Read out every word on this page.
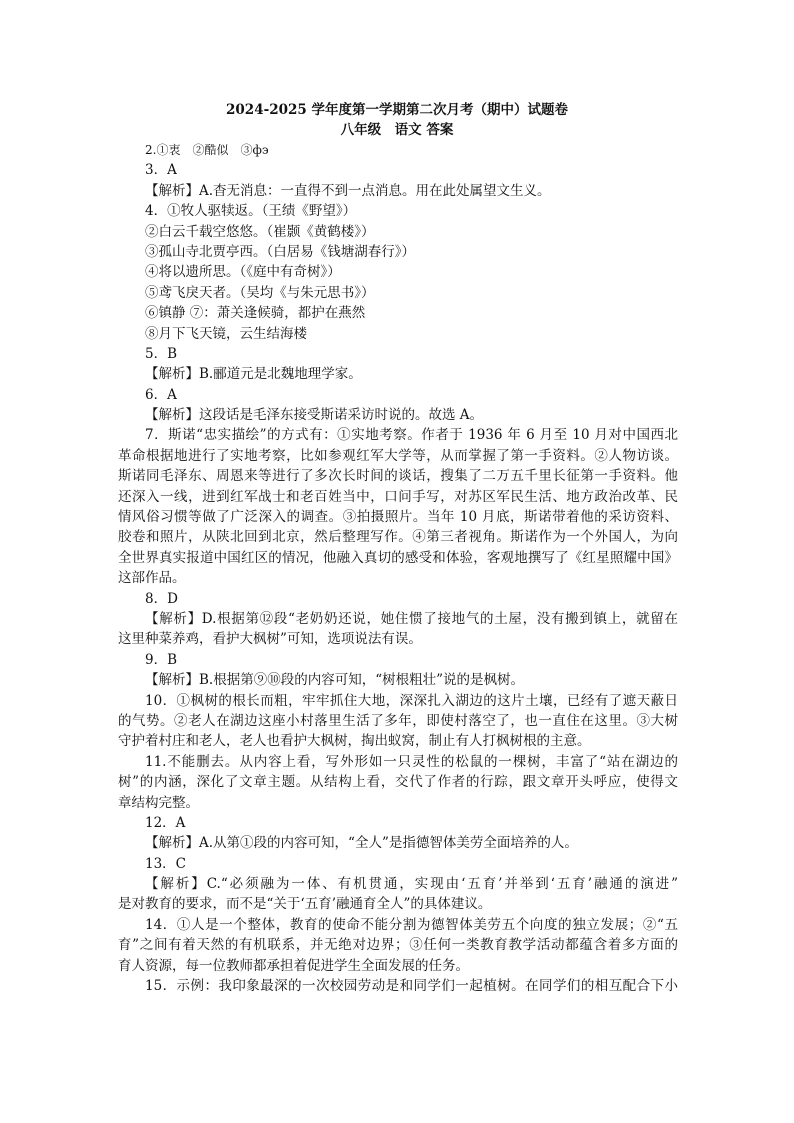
2024-2025 学年度第一学期第二次月考（期中）试题卷
八年级　语文 答案
2.①衷　②酷似　③фэ
3．A
【解析】A.杳无消息：一直得不到一点消息。用在此处属望文生义。
4．①牧人驱犊返。（王绩《野望》）
②白云千载空悠悠。（崔颢《黄鹤楼》）
③孤山寺北贾亭西。（白居易《钱塘湖春行》）
④将以遗所思。（《庭中有奇树》）
⑤鸢飞戾天者。（吴均《与朱元思书》）
⑥镇静 ⑦：萧关逢候骑，都护在燕然
⑧月下飞天镜，云生结海楼
5．B
【解析】B.郦道元是北魏地理学家。
6．A
【解析】这段话是毛泽东接受斯诺采访时说的。故选 A。
7．斯诺“忠实描绘”的方式有：①实地考察。作者于 1936 年 6 月至 10 月对中国西北
革命根据地进行了实地考察，比如参观红军大学等，从而掌握了第一手资料。②人物访谈。
斯诺同毛泽东、周恩来等进行了多次长时间的谈话，搜集了二万五千里长征第一手资料。他
还深入一线，进到红军战士和老百姓当中，口问手写，对苏区军民生活、地方政治改革、民
情风俗习惯等做了广泛深入的调查。③拍摄照片。当年 10 月底，斯诺带着他的采访资料、
胶卷和照片，从陕北回到北京，然后整理写作。④第三者视角。斯诺作为一个外国人，为向
全世界真实报道中国红区的情况，他融入真切的感受和体验，客观地撰写了《红星照耀中国》
这部作品。
8．D
【解析】D.根据第⑫段“老奶奶还说，她住惯了接地气的土屋，没有搬到镇上，就留在
这里种菜养鸡，看护大枫树”可知，选项说法有误。
9．B
【解析】B.根据第⑨⑩段的内容可知，“树根粗壮”说的是枫树。
10．①枫树的根长而粗，牢牢抓住大地，深深扎入湖边的这片土壤，已经有了遮天蔽日
的气势。②老人在湖边这座小村落里生活了多年，即使村落空了，也一直住在这里。③大树
守护着村庄和老人，老人也看护大枫树，掏出蚁窝，制止有人打枫树根的主意。
11.不能删去。从内容上看，写外形如一只灵性的松鼠的一棵树，丰富了“站在湖边的
树”的内涵，深化了文章主题。从结构上看，交代了作者的行踪，跟文章开头呼应，使得文
章结构完整。
12．A
【解析】A.从第①段的内容可知，“全人”是指德智体美劳全面培养的人。
13．C
【解析】C.“必须融为一体、有机贯通，实现由‘五育’并举到‘五育’融通的演进”
是对教育的要求，而不是“关于‘五育’融通育全人”的具体建议。
14．①人是一个整体，教育的使命不能分割为德智体美劳五个向度的独立发展；②“五
育”之间有着天然的有机联系，并无绝对边界；③任何一类教育教学活动都蕴含着多方面的
育人资源，每一位教师都承担着促进学生全面发展的任务。
15．示例：我印象最深的一次校园劳动是和同学们一起植树。在同学们的相互配合下小
